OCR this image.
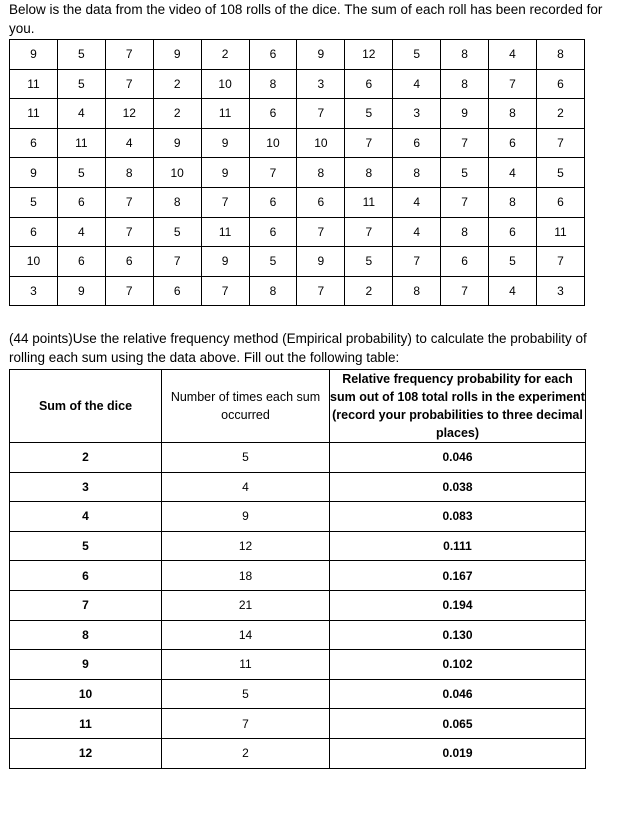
Below is the data from the video of 108 rolls of the dice. The sum of each roll has been recorded for you.

9	5	7	9	2	6	9	12	5	8	4	8
11	5	7	2	10	8	3	6	4	8	7	6
11	4	12	2	11	6	7	5	3	9	8	2
6	11	4	9	9	10	10	7	6	7	6	7
9	5	8	10	9	7	8	8	8	5	4	5
5	6	7	8	7	6	6	11	4	7	8	6
6	4	7	5	11	6	7	7	4	8	6	11
10	6	6	7	9	5	9	5	7	6	5	7
3	9	7	6	7	8	7	2	8	7	4	3

(44 points)Use the relative frequency method (Empirical probability) to calculate the probability of rolling each sum using the data above. Fill out the following table:

Sum of the dice	Number of times each sum occurred	Relative frequency probability for each sum out of 108 total rolls in the experiment (record your probabilities to three decimal places)
2	5	0.046
3	4	0.038
4	9	0.083
5	12	0.111
6	18	0.167
7	21	0.194
8	14	0.130
9	11	0.102
10	5	0.046
11	7	0.065
12	2	0.019
